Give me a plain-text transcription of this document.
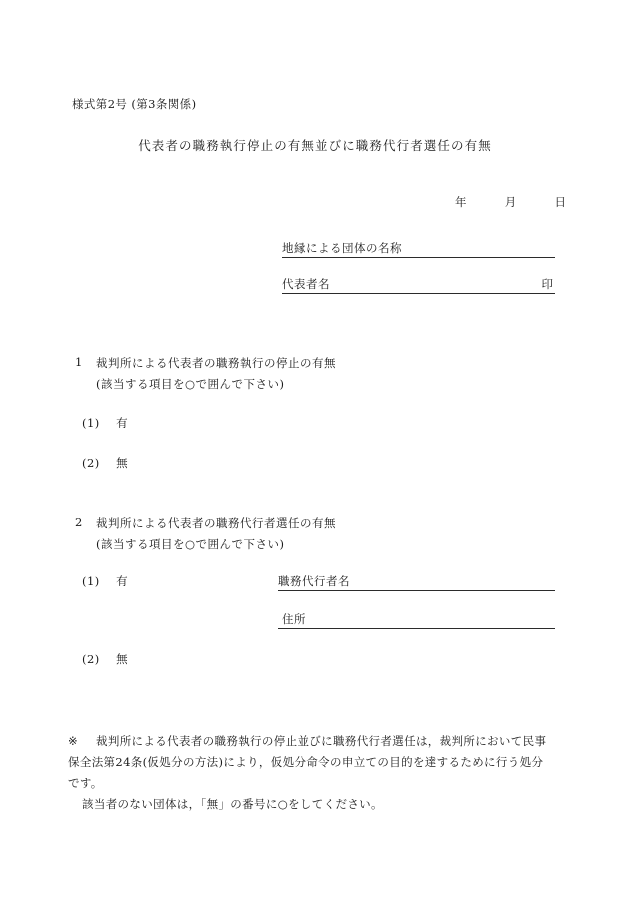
様式第2号 (第3条関係)
代表者の職務執行停止の有無並びに職務代行者選任の有無
年	月	日
地縁による団体の名称
代表者名	印
1	裁判所による代表者の職務執行の停止の有無
(該当する項目を○で囲んで下さい)
(1) 有
(2) 無
2	裁判所による代表者の職務代行者選任の有無
(該当する項目を○で囲んで下さい)
(1) 有
(2) 無
職務代行者名
住所
※ 裁判所による代表者の職務執行の停止並びに職務代行者選任は，裁判所において民事
保全法第24条(仮処分の方法)により，仮処分命令の申立ての目的を達するために行う処分
です。
該当者のない団体は，「無」の番号に○をしてください。
